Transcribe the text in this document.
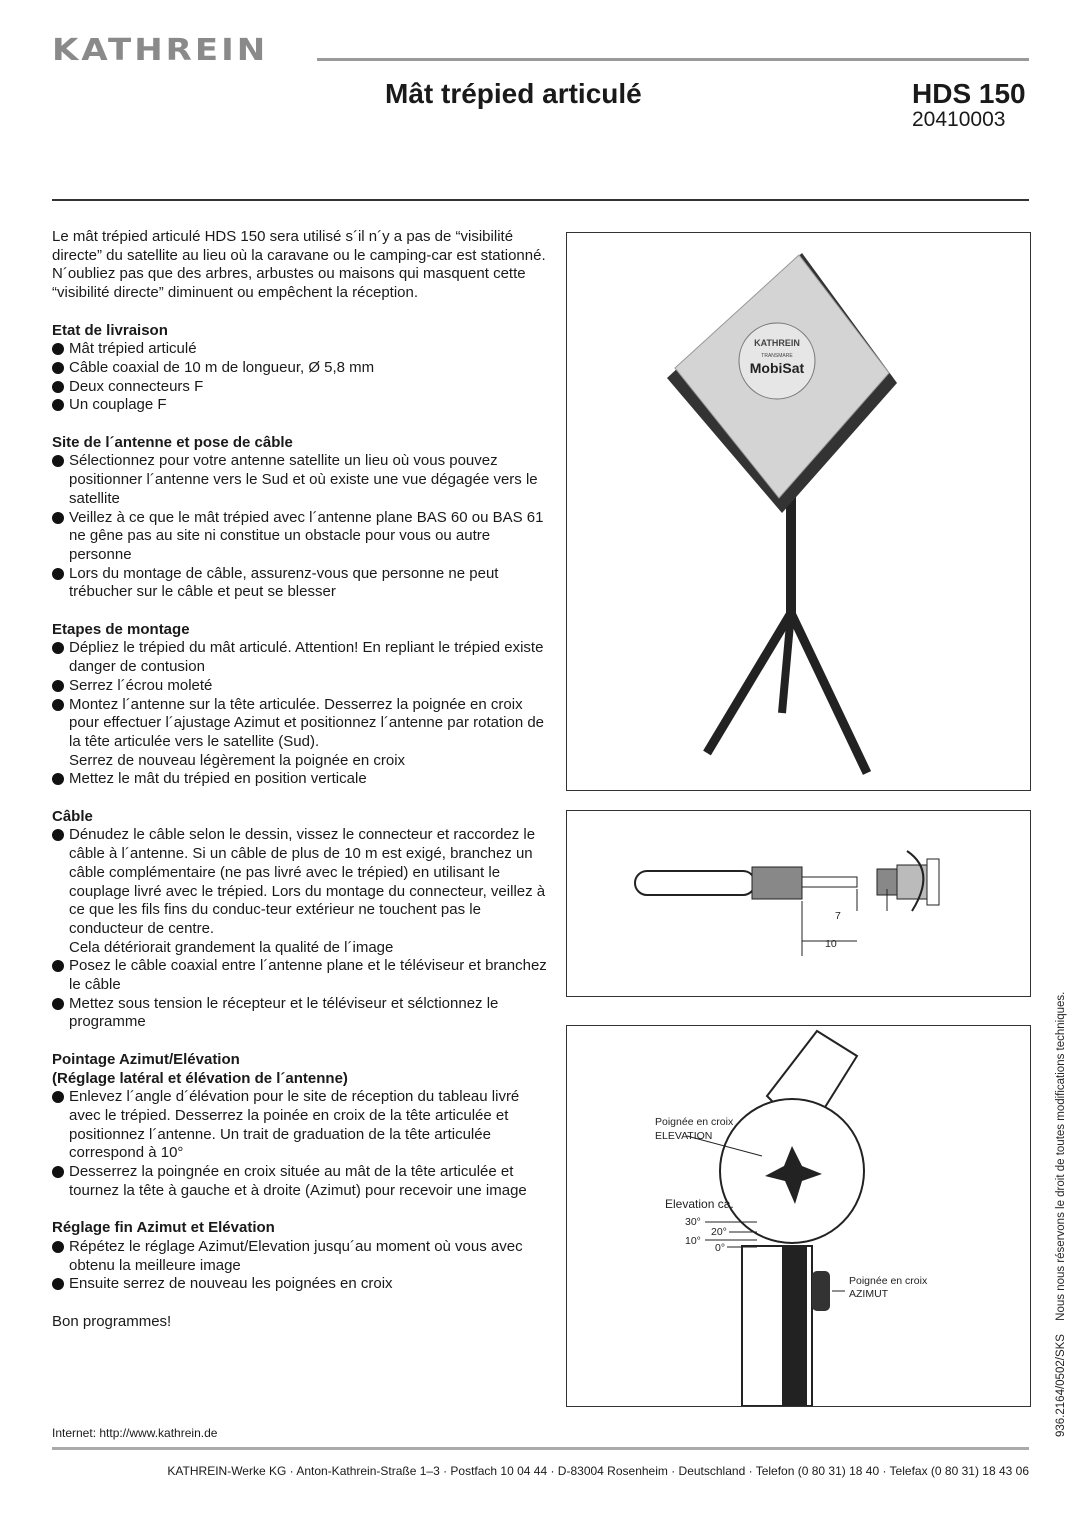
KATHREIN
Mât trépied articulé	HDS 150
20410003

Le mât trépied articulé HDS 150 sera utilisé s´il n´y a pas de “visibilité directe” du satellite au lieu où la caravane ou le camping-car est stationné. N´oubliez pas que des arbres, arbustes ou maisons qui masquent cette “visibilité directe” diminuent ou empêchent la réception.

Etat de livraison
Mât trépied articulé
Câble coaxial de 10 m de longueur, Ø 5,8 mm
Deux connecteurs F
Un couplage F
Site de l´antenne et pose de câble
Sélectionnez pour votre antenne satellite un lieu où vous pouvez positionner l´antenne vers le Sud et où existe une vue dégagée vers le satellite
Veillez à ce que le mât trépied avec l´antenne plane BAS 60 ou BAS 61 ne gêne pas au site ni constitue un obstacle pour vous ou autre personne
Lors du montage de câble, assurenz-vous que personne ne peut trébucher sur le câble et peut se blesser
Etapes de montage
Dépliez le trépied du mât articulé. Attention! En repliant le trépied existe danger de contusion
Serrez l´écrou moleté
Montez l´antenne sur la tête articulée. Desserrez la poignée en croix pour effectuer l´ajustage Azimut et positionnez l´antenne par rotation de la tête articulée vers le satellite (Sud).
Serrez de nouveau légèrement la poignée en croix
Mettez le mât du trépied en position verticale
Câble
Dénudez le câble selon le dessin, vissez le connecteur et raccordez le câble à l´antenne. Si un câble de plus de 10 m est exigé, branchez un câble complémentaire (ne pas livré avec le trépied) en utilisant le couplage livré avec le trépied. Lors du montage du connecteur, veillez à ce que les fils fins du conduc-teur extérieur ne touchent pas le conducteur de centre.
Cela détériorait grandement la qualité de l´image
Posez le câble coaxial entre l´antenne plane et le téléviseur et branchez le câble
Mettez sous tension le récepteur et le téléviseur et sélctionnez le programme
Pointage Azimut/Elévation
(Réglage latéral et élévation de l´antenne)
Enlevez l´angle d´élévation pour le site de réception du tableau livré avec le trépied. Desserrez la poinée en croix de la tête articulée et positionnez l´antenne. Un trait de graduation de la tête articulée correspond à 10°
Desserrez la poingnée en croix située au mât de la tête articulée et tournez la tête à gauche et à droite (Azimut) pour recevoir une image
Réglage fin Azimut et Elévation
Répétez le réglage Azimut/Elevation jusqu´au moment où vous avec obtenu la meilleure image
Ensuite serrez de nouveau les poignées en croix

Bon programmes!

KATHREIN
TRANSMARE
MobiSat
7
10
Poignée en croix
ELEVATION
Elevation ca.
30°
20°
10°
0°
Poignée en croix
AZIMUT
Internet: http://www.kathrein.de
KATHREIN-Werke KG · Anton-Kathrein-Straße 1–3 · Postfach 10 04 44 · D-83004 Rosenheim · Deutschland · Telefon (0 80 31) 18 40 · Telefax (0 80 31) 18 43 06
936.2164/0502/SKS Nous nous réservons le droit de toutes modifications techniques.
